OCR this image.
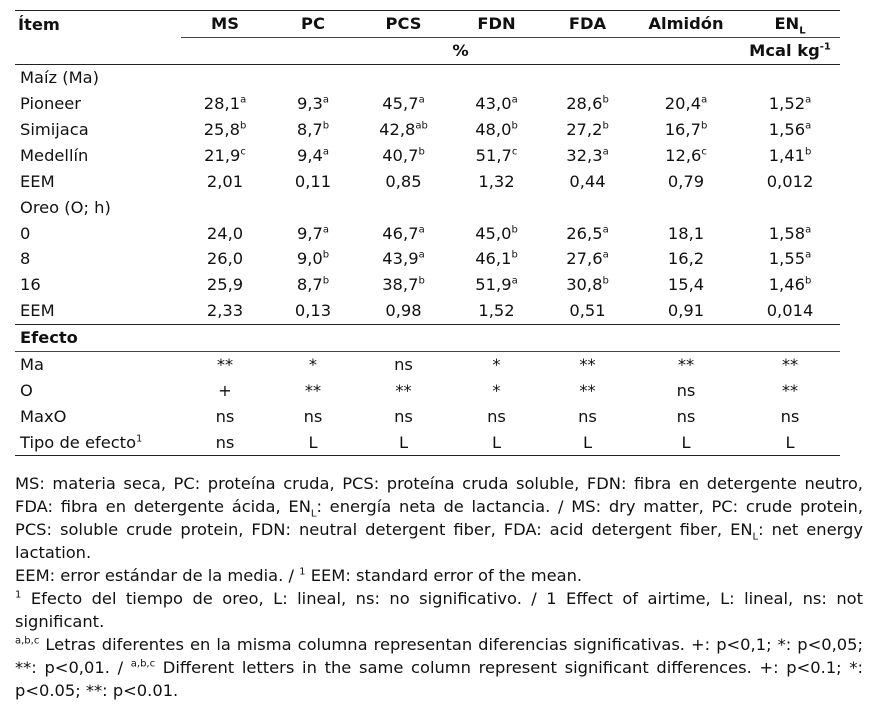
Ítem	MS	PC	PCS	FDN	FDA	Almidón	$EN_L$
	%						Mcal $kg^{-1}$
Maíz (Ma)							
Pioneer	28,1$^a$	9,3$^a$	45,7$^a$	43,0$^a$	28,6$^b$	20,4$^a$	1,52$^a$
Simijaca	25,8$^b$	8,7$^b$	42,8$^{ab}$	48,0$^b$	27,2$^b$	16,7$^b$	1,56$^a$
Medellín	21,9$^c$	9,4$^a$	40,7$^b$	51,7$^c$	32,3$^a$	12,6$^c$	1,41$^b$
EEM	2,01	0,11	0,85	1,32	0,44	0,79	0,012
Oreo (O; h)							
0	24,0	9,7$^a$	46,7$^a$	45,0$^b$	26,5$^a$	18,1	1,58$^a$
8	26,0	9,0$^b$	43,9$^a$	46,1$^b$	27,6$^a$	16,2	1,55$^a$
16	25,9	8,7$^b$	38,7$^b$	51,9$^a$	30,8$^b$	15,4	1,46$^b$
EEM	2,33	0,13	0,98	1,52	0,51	0,91	0,014
Efecto							
Ma	**	*	ns	*	**	**	**
O	+	**	**	*	**	ns	**
MaxO	ns	ns	ns	ns	ns	ns	ns
Tipo de efecto$^1$	ns	L	L	L	L	L	L

MS: materia seca, PC: proteína cruda, PCS: proteína cruda soluble, FDN: fibra en detergente neutro, FDA: fibra en detergente ácida, $EN_L$: energía neta de lactancia. / MS: dry matter, PC: crude protein, PCS: soluble crude protein, FDN: neutral detergent fiber, FDA: acid detergent fiber, $EN_L$: net energy lactation.

EEM: error estándar de la media. / $^1$ EEM: standard error of the mean.

$^1$ Efecto del tiempo de oreo, L: lineal, ns: no significativo. / 1 Effect of airtime, L: lineal, ns: not significant.

$^{a,b,c}$ Letras diferentes en la misma columna representan diferencias significativas. +: p<0,1; *: p<0,05; **: p<0,01. / $^{a,b,c}$ Different letters in the same column represent significant differences. +: p<0.1; *: p<0.05; **: p<0.01.
